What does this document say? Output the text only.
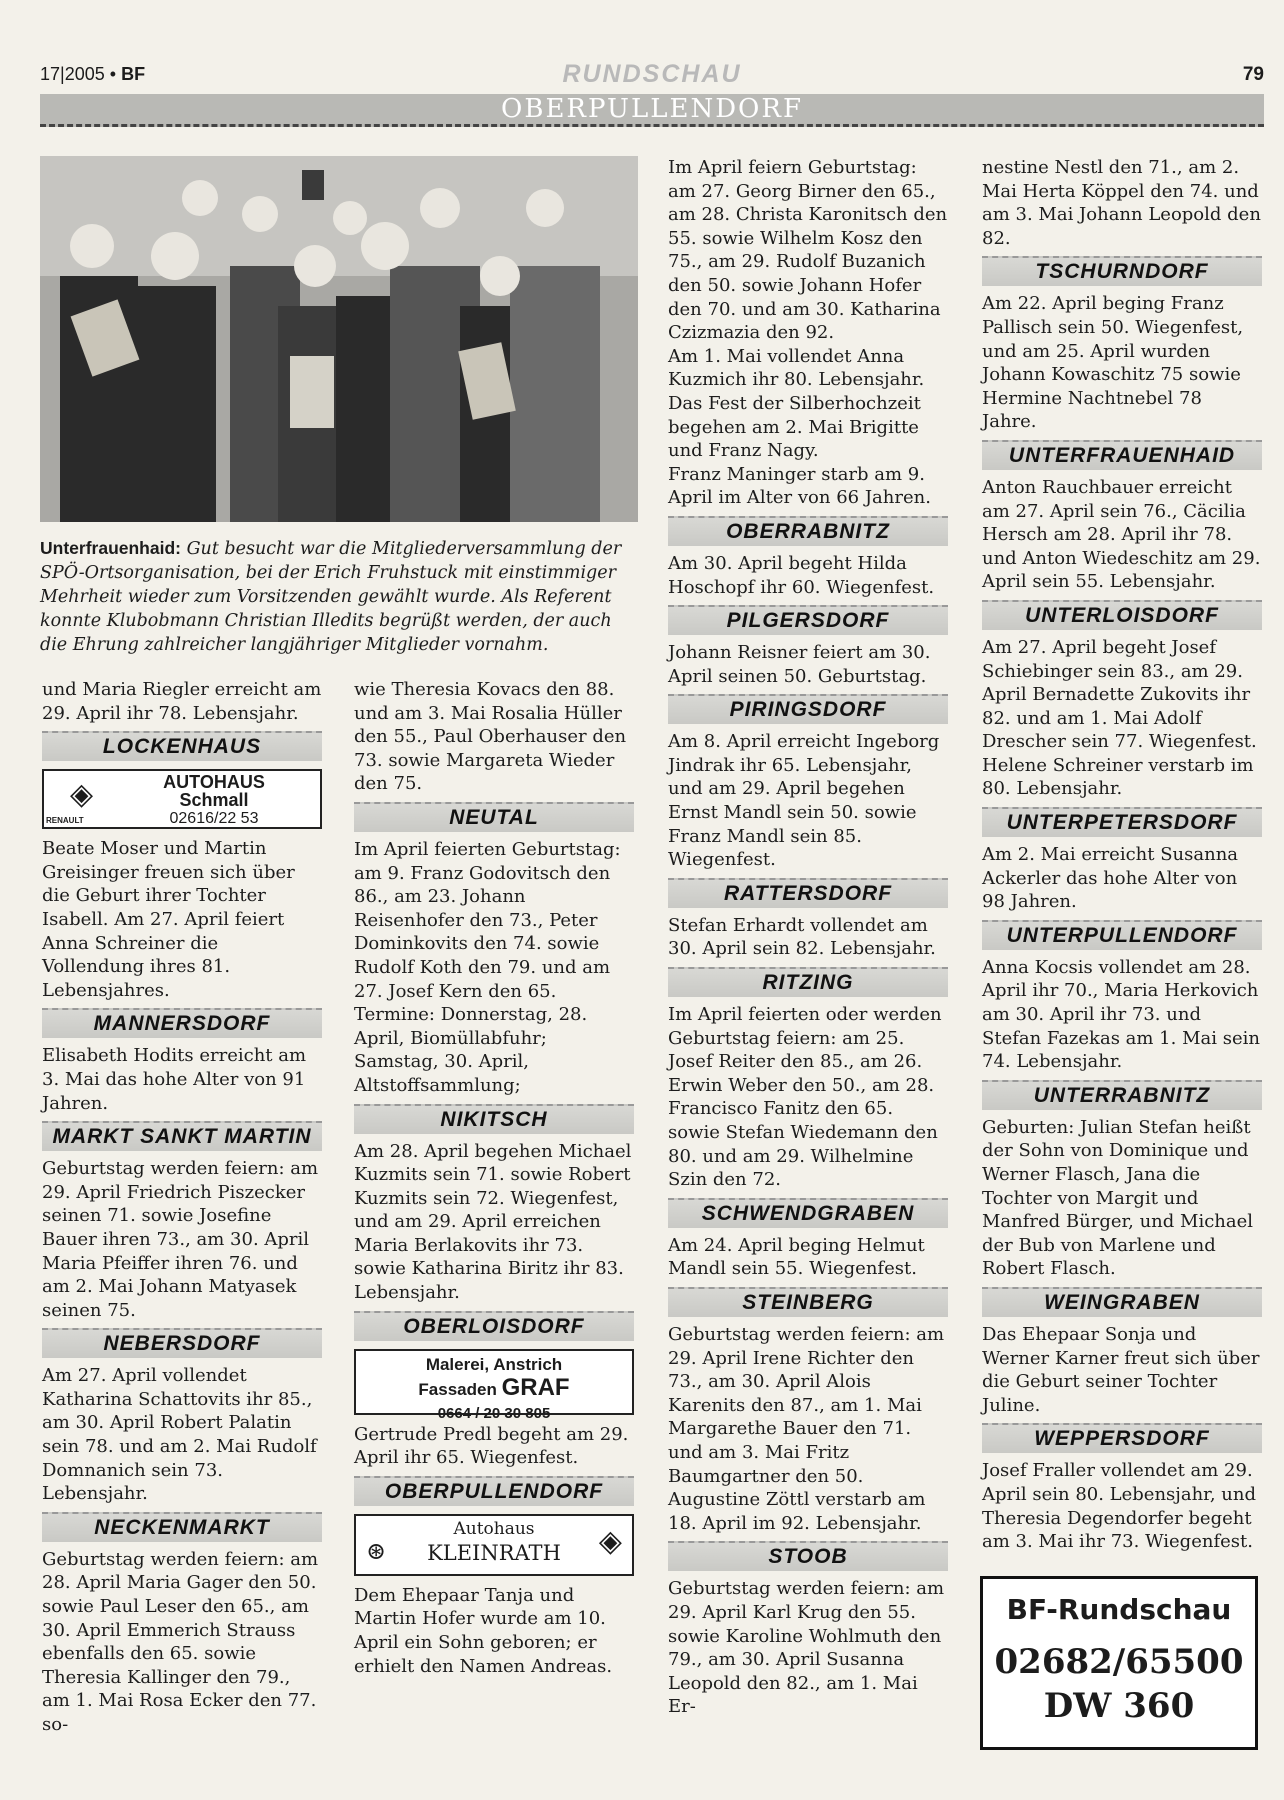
17|2005 • BF	RUNDSCHAU	79
OBERPULLENDORF
Unterfrauenhaid: Gut besucht war die Mitgliederversammlung der SPÖ-Ortsorganisation, bei der Erich Fruhstuck mit einstimmiger Mehrheit wieder zum Vorsitzenden gewählt wurde. Als Referent konnte Klubobmann Christian Illedits begrüßt werden, der auch die Ehrung zahlreicher langjähriger Mitglieder vornahm.

und Maria Riegler erreicht am 29. April ihr 78. Lebensjahr.

LOCKENHAUS
◈	AUTOHAUS
Schmall
02616/22 53
RENAULT

Beate Moser und Martin Greisinger freuen sich über die Geburt ihrer Tochter Isabell. Am 27. April feiert Anna Schreiner die Vollendung ihres 81. Lebensjahres.

MANNERSDORF

Elisabeth Hodits erreicht am 3. Mai das hohe Alter von 91 Jahren.

MARKT SANKT MARTIN

Geburtstag werden feiern: am 29. April Friedrich Piszecker seinen 71. sowie Josefine Bauer ihren 73., am 30. April Maria Pfeiffer ihren 76. und am 2. Mai Johann Matyasek seinen 75.

NEBERSDORF

Am 27. April vollendet Katharina Schattovits ihr 85., am 30. April Robert Palatin sein 78. und am 2. Mai Rudolf Domnanich sein 73. Lebensjahr.

NECKENMARKT

Geburtstag werden feiern: am 28. April Maria Gager den 50. sowie Paul Leser den 65., am 30. April Emmerich Strauss ebenfalls den 65. sowie Theresia Kallinger den 79., am 1. Mai Rosa Ecker den 77. so-

wie Theresia Kovacs den 88. und am 3. Mai Rosalia Hüller den 55., Paul Oberhauser den 73. sowie Margareta Wieder den 75.

NEUTAL

Im April feierten Geburtstag: am 9. Franz Godovitsch den 86., am 23. Johann Reisenhofer den 73., Peter Dominkovits den 74. sowie Rudolf Koth den 79. und am 27. Josef Kern den 65.

Termine: Donnerstag, 28. April, Biomüllabfuhr; Samstag, 30. April, Altstoffsammlung;

NIKITSCH

Am 28. April begehen Michael Kuzmits sein 71. sowie Robert Kuzmits sein 72. Wiegenfest, und am 29. April erreichen Maria Berlakovits ihr 73. sowie Katharina Biritz ihr 83. Lebensjahr.

OBERLOISDORF
Malerei, Anstrich
Fassaden GRAF
0664 / 20 30 805

Gertrude Predl begeht am 29. April ihr 65. Wiegenfest.

OBERPULLENDORF
⊛
Autohaus
KLEINRATH	◈

Dem Ehepaar Tanja und Martin Hofer wurde am 10. April ein Sohn geboren; er erhielt den Namen Andreas.

Im April feiern Geburtstag: am 27. Georg Birner den 65., am 28. Christa Karonitsch den 55. sowie Wilhelm Kosz den 75., am 29. Rudolf Buzanich den 50. sowie Johann Hofer den 70. und am 30. Katharina Czizmazia den 92.

Am 1. Mai vollendet Anna Kuzmich ihr 80. Lebensjahr.

Das Fest der Silberhochzeit begehen am 2. Mai Brigitte und Franz Nagy.

Franz Maninger starb am 9. April im Alter von 66 Jahren.

OBERRABNITZ

Am 30. April begeht Hilda Hoschopf ihr 60. Wiegenfest.

PILGERSDORF

Johann Reisner feiert am 30. April seinen 50. Geburtstag.

PIRINGSDORF

Am 8. April erreicht Ingeborg Jindrak ihr 65. Lebensjahr, und am 29. April begehen Ernst Mandl sein 50. sowie Franz Mandl sein 85. Wiegenfest.

RATTERSDORF

Stefan Erhardt vollendet am 30. April sein 82. Lebensjahr.

RITZING

Im April feierten oder werden Geburtstag feiern: am 25. Josef Reiter den 85., am 26. Erwin Weber den 50., am 28. Francisco Fanitz den 65. sowie Stefan Wiedemann den 80. und am 29. Wilhelmine Szin den 72.

SCHWENDGRABEN

Am 24. April beging Helmut Mandl sein 55. Wiegenfest.

STEINBERG

Geburtstag werden feiern: am 29. April Irene Richter den 73., am 30. April Alois Karenits den 87., am 1. Mai Margarethe Bauer den 71. und am 3. Mai Fritz Baumgartner den 50.

Augustine Zöttl verstarb am 18. April im 92. Lebensjahr.

STOOB

Geburtstag werden feiern: am 29. April Karl Krug den 55. sowie Karoline Wohlmuth den 79., am 30. April Susanna Leopold den 82., am 1. Mai Er-

nestine Nestl den 71., am 2. Mai Herta Köppel den 74. und am 3. Mai Johann Leopold den 82.

TSCHURNDORF

Am 22. April beging Franz Pallisch sein 50. Wiegenfest, und am 25. April wurden Johann Kowaschitz 75 sowie Hermine Nachtnebel 78 Jahre.

UNTERFRAUENHAID

Anton Rauchbauer erreicht am 27. April sein 76., Cäcilia Hersch am 28. April ihr 78. und Anton Wiedeschitz am 29. April sein 55. Lebensjahr.

UNTERLOISDORF

Am 27. April begeht Josef Schiebinger sein 83., am 29. April Bernadette Zukovits ihr 82. und am 1. Mai Adolf Drescher sein 77. Wiegenfest.

Helene Schreiner verstarb im 80. Lebensjahr.

UNTERPETERSDORF

Am 2. Mai erreicht Susanna Ackerler das hohe Alter von 98 Jahren.

UNTERPULLENDORF

Anna Kocsis vollendet am 28. April ihr 70., Maria Herkovich am 30. April ihr 73. und Stefan Fazekas am 1. Mai sein 74. Lebensjahr.

UNTERRABNITZ

Geburten: Julian Stefan heißt der Sohn von Dominique und Werner Flasch, Jana die Tochter von Margit und Manfred Bürger, und Michael der Bub von Marlene und Robert Flasch.

WEINGRABEN

Das Ehepaar Sonja und Werner Karner freut sich über die Geburt seiner Tochter Juline.

WEPPERSDORF

Josef Fraller vollendet am 29. April sein 80. Lebensjahr, und Theresia Degendorfer begeht am 3. Mai ihr 73. Wiegenfest.

BF-Rundschau
02682/65500
DW 360
